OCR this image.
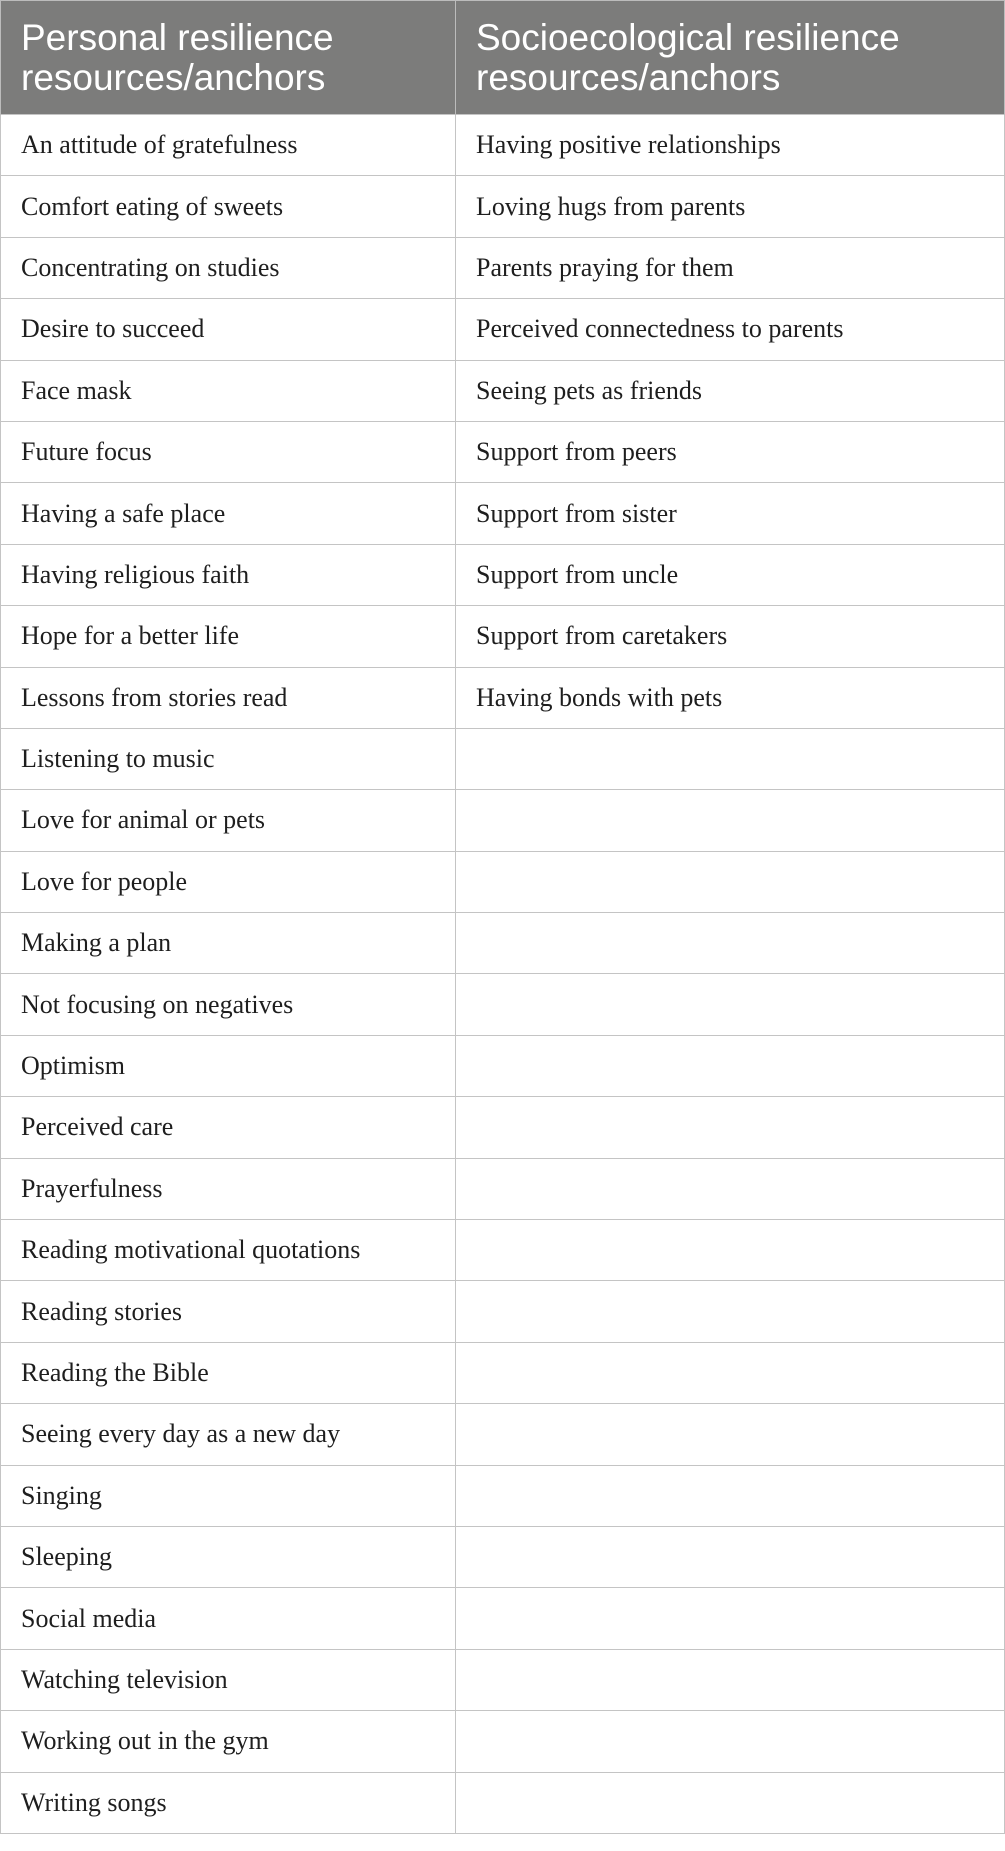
Personal resilience resources/anchors	Socioecological resilience resources/anchors
An attitude of gratefulness	Having positive relationships
Comfort eating of sweets	Loving hugs from parents
Concentrating on studies	Parents praying for them
Desire to succeed	Perceived connectedness to parents
Face mask	Seeing pets as friends
Future focus	Support from peers
Having a safe place	Support from sister
Having religious faith	Support from uncle
Hope for a better life	Support from caretakers
Lessons from stories read	Having bonds with pets
Listening to music	
Love for animal or pets	
Love for people	
Making a plan	
Not focusing on negatives	
Optimism	
Perceived care	
Prayerfulness	
Reading motivational quotations	
Reading stories	
Reading the Bible	
Seeing every day as a new day	
Singing	
Sleeping	
Social media	
Watching television	
Working out in the gym	
Writing songs	
